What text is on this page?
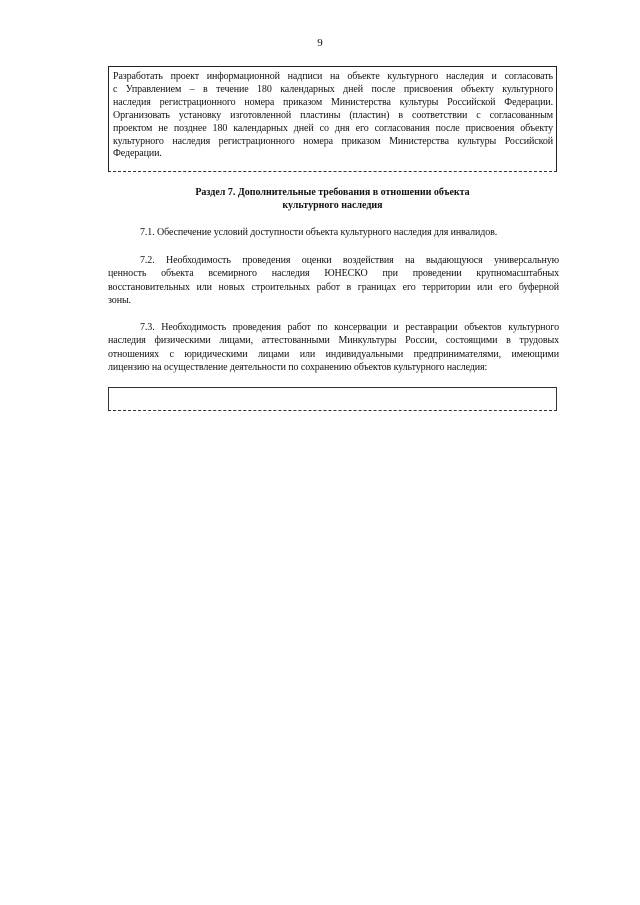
9
Разработать проект информационной надписи на объекте культурного наследия и согласовать
с Управлением – в течение 180 календарных дней после присвоения объекту культурного
наследия регистрационного номера приказом Министерства культуры Российской Федерации.
Организовать установку изготовленной пластины (пластин) в соответствии с согласованным
проектом не позднее 180 календарных дней со дня его согласования после присвоения объекту
культурного наследия регистрационного номера приказом Министерства культуры Российской
Федерации.
Раздел 7. Дополнительные требования в отношении объекта
культурного наследия
7.1. Обеспечение условий доступности объекта культурного наследия для инвалидов.
7.2. Необходимость проведения оценки воздействия на выдающуюся универсальную
ценность объекта всемирного наследия ЮНЕСКО при проведении крупномасштабных
восстановительных или новых строительных работ в границах его территории или его буферной
зоны.
7.3. Необходимость проведения работ по консервации и реставрации объектов культурного
наследия физическими лицами, аттестованными Минкультуры России, состоящими в трудовых
отношениях с юридическими лицами или индивидуальными предпринимателями, имеющими
лицензию на осуществление деятельности по сохранению объектов культурного наследия:
